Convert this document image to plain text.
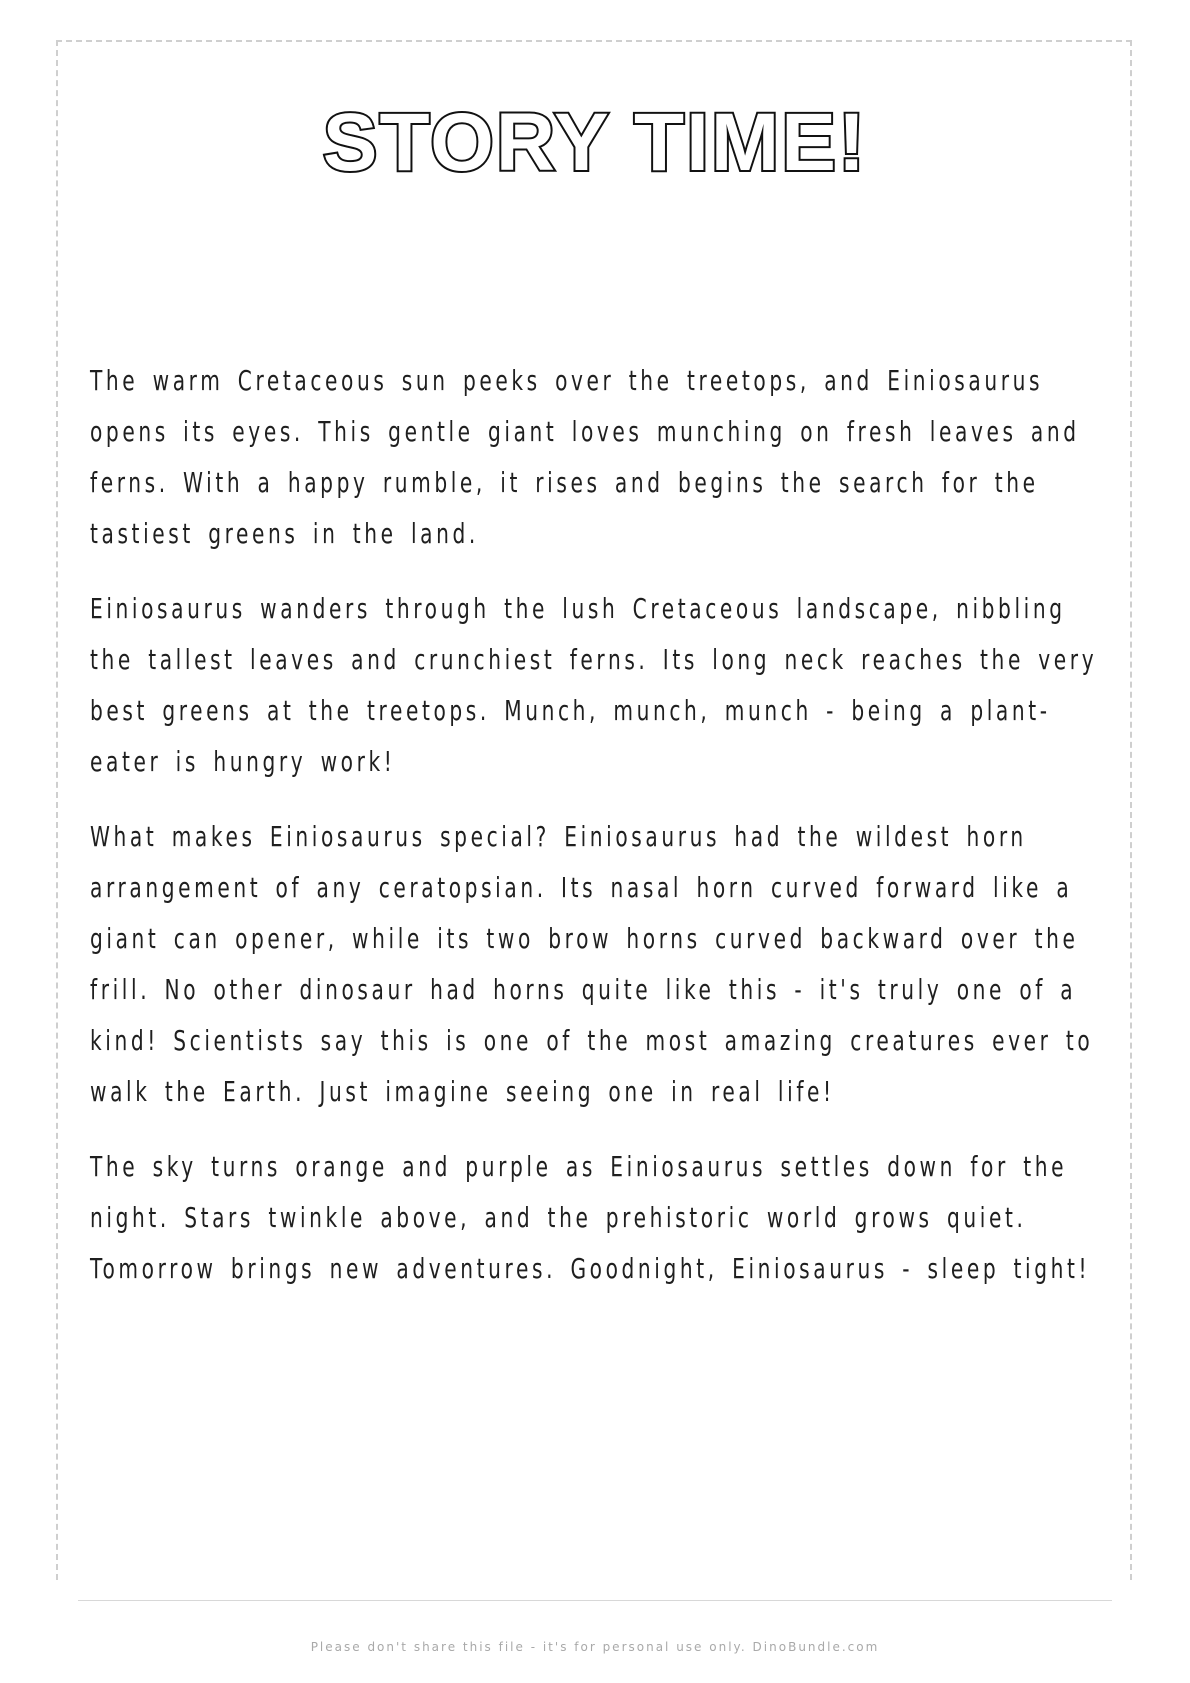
STORY TIME!

The warm Cretaceous sun peeks over the treetops, and Einiosaurus opens its eyes. This gentle giant loves munching on fresh leaves and ferns. With a happy rumble, it rises and begins the search for the tastiest greens in the land.

Einiosaurus wanders through the lush Cretaceous landscape, nibbling the tallest leaves and crunchiest ferns. Its long neck reaches the very best greens at the treetops. Munch, munch, munch - being a plant-eater is hungry work!

What makes Einiosaurus special? Einiosaurus had the wildest horn arrangement of any ceratopsian. Its nasal horn curved forward like a giant can opener, while its two brow horns curved backward over the frill. No other dinosaur had horns quite like this - it's truly one of a kind! Scientists say this is one of the most amazing creatures ever to walk the Earth. Just imagine seeing one in real life!

The sky turns orange and purple as Einiosaurus settles down for the night. Stars twinkle above, and the prehistoric world grows quiet. Tomorrow brings new adventures. Goodnight, Einiosaurus - sleep tight!

Please don't share this file - it's for personal use only. DinoBundle.com
